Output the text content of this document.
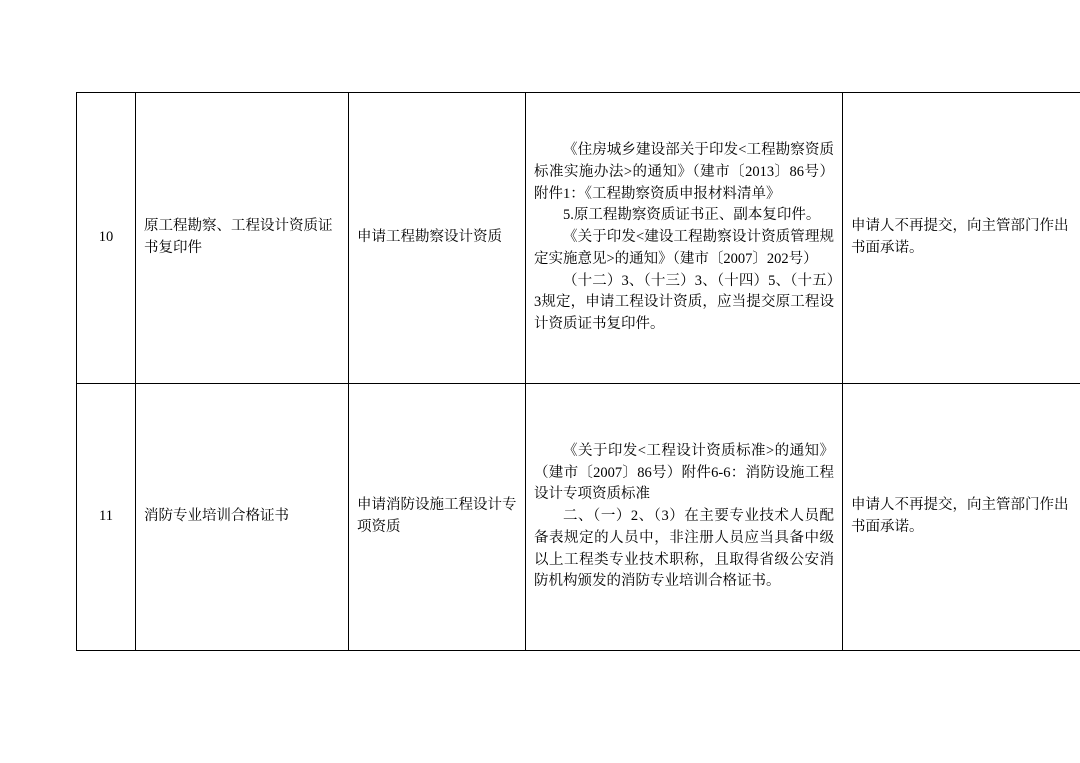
10	原工程勘察、工程设计资质证书复印件	申请工程勘察设计资质	《住房城乡建设部关于印发<工程勘察资质标准实施办法>的通知》（建市〔2013〕86号）附件1：《工程勘察资质申报材料清单》

5.原工程勘察资质证书正、副本复印件。

《关于印发<建设工程勘察设计资质管理规定实施意见>的通知》（建市〔2007〕202号）

（十二）3、（十三）3、（十四）5、（十五）3规定，申请工程设计资质，应当提交原工程设计资质证书复印件。	申请人不再提交，向主管部门作出书面承诺。

11	消防专业培训合格证书	申请消防设施工程设计专项资质	《关于印发<工程设计资质标准>的通知》（建市〔2007〕86号）附件6-6：消防设施工程设计专项资质标准

二、（一）2、（3）在主要专业技术人员配备表规定的人员中，非注册人员应当具备中级以上工程类专业技术职称，且取得省级公安消防机构颁发的消防专业培训合格证书。	申请人不再提交，向主管部门作出书面承诺。
